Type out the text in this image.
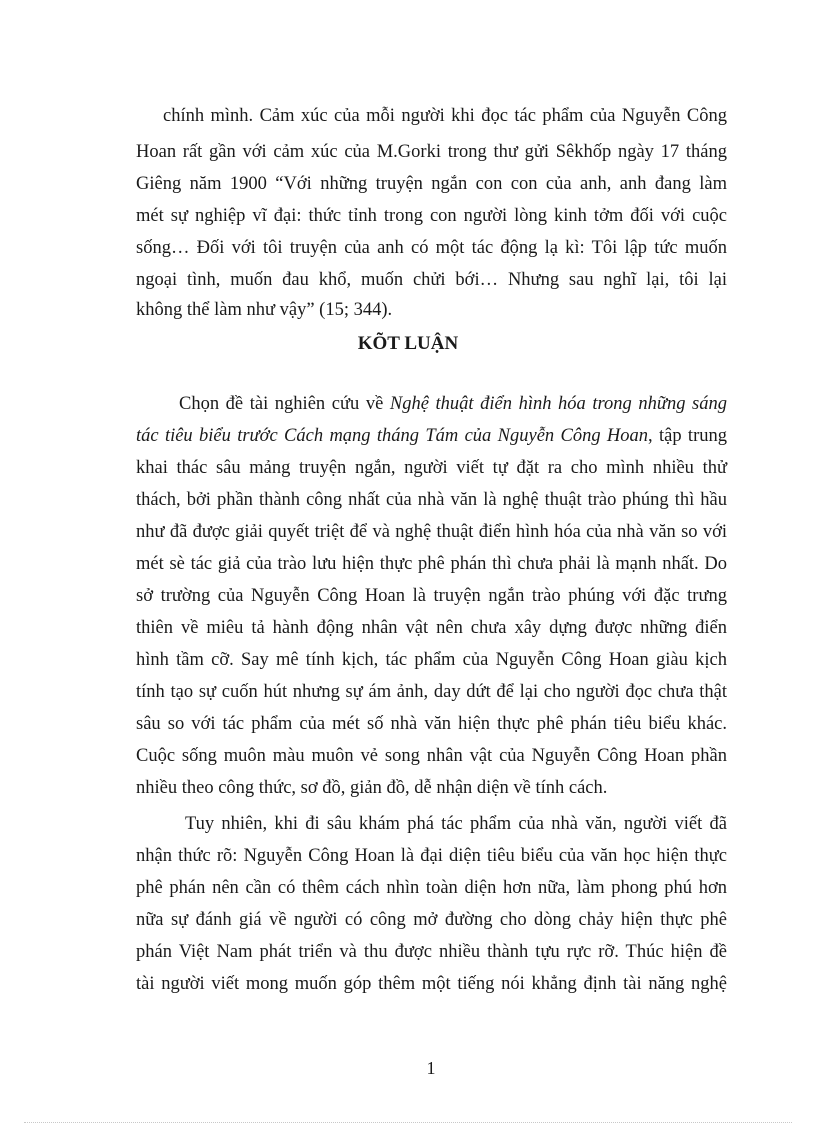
chính mình. Cảm xúc của mỗi người khi đọc tác phẩm của Nguyễn Công
Hoan rất gần với cảm xúc của M.Gorki trong thư gửi Sêkhốp ngày 17 tháng
Giêng năm 1900 “Với những truyện ngắn con con của anh, anh đang làm
mét sự nghiệp vĩ đại: thức tỉnh trong con người lòng kinh tởm đối với cuộc
sống… Đối với tôi truyện của anh có một tác động lạ kì: Tôi lập tức muốn
ngoại tình, muốn đau khổ, muốn chửi bới… Nhưng sau nghĩ lại, tôi lại
không thể làm như vậy” (15; 344).
KÕT LUẬN
Chọn đề tài nghiên cứu về Nghệ thuật điển hình hóa trong những sáng
tác tiêu biểu trước Cách mạng tháng Tám của Nguyễn Công Hoan, tập trung
khai thác sâu mảng truyện ngắn, người viết tự đặt ra cho mình nhiều thử
thách, bởi phần thành công nhất của nhà văn là nghệ thuật trào phúng thì hầu
như đã được giải quyết triệt để và nghệ thuật điển hình hóa của nhà văn so với
mét sè tác giả của trào lưu hiện thực phê phán thì chưa phải là mạnh nhất. Do
sở trường của Nguyễn Công Hoan là truyện ngắn trào phúng với đặc trưng
thiên về miêu tả hành động nhân vật nên chưa xây dựng được những điển
hình tầm cỡ. Say mê tính kịch, tác phẩm của Nguyễn Công Hoan giàu kịch
tính tạo sự cuốn hút nhưng sự ám ảnh, day dứt để lại cho người đọc chưa thật
sâu so với tác phẩm của mét số nhà văn hiện thực phê phán tiêu biểu khác.
Cuộc sống muôn màu muôn vẻ song nhân vật của Nguyễn Công Hoan phần
nhiều theo công thức, sơ đồ, giản đồ, dễ nhận diện về tính cách.
Tuy nhiên, khi đi sâu khám phá tác phẩm của nhà văn, người viết đã
nhận thức rõ: Nguyễn Công Hoan là đại diện tiêu biểu của văn học hiện thực
phê phán nên cần có thêm cách nhìn toàn diện hơn nữa, làm phong phú hơn
nữa sự đánh giá về người có công mở đường cho dòng chảy hiện thực phê
phán Việt Nam phát triển và thu được nhiều thành tựu rực rỡ. Thúc hiện đề
tài người viết mong muốn góp thêm một tiếng nói khẳng định tài năng nghệ
1
